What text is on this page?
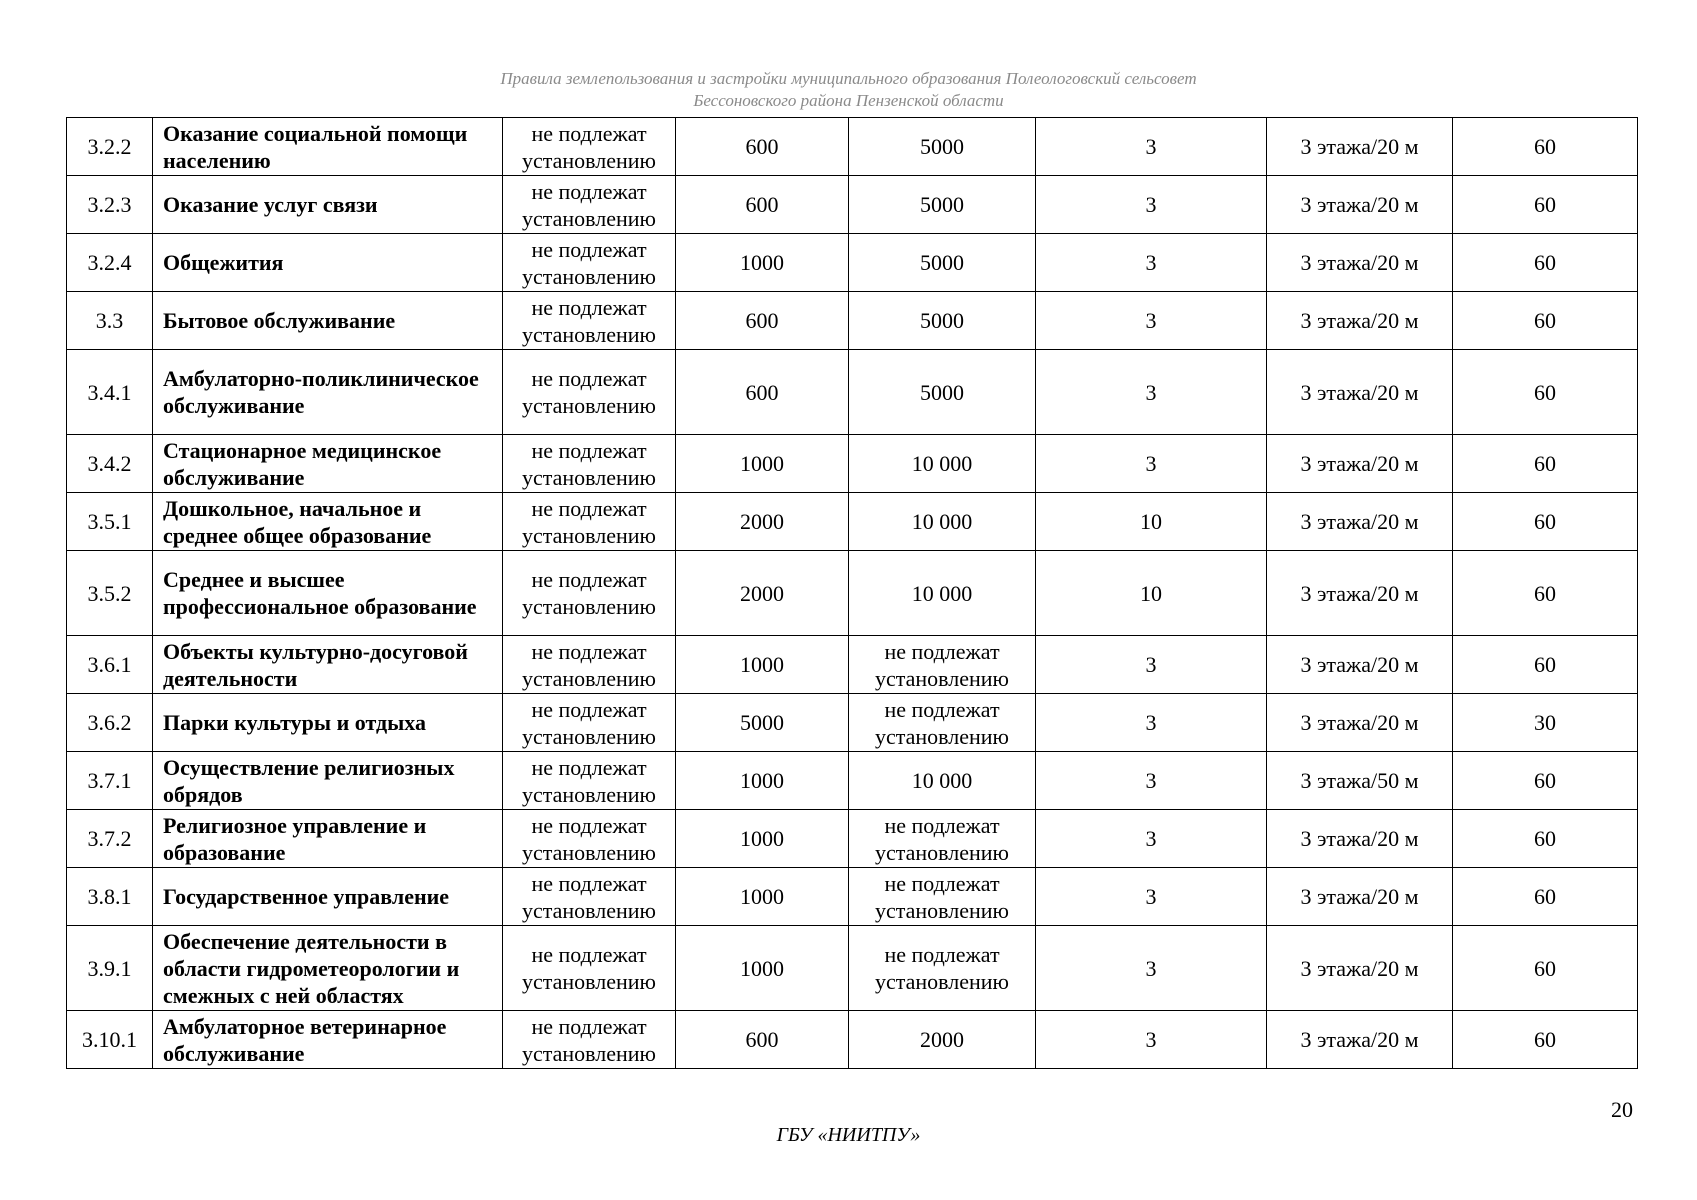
Правила землепользования и застройки муниципального образования Полеологовский сельсовет
Бессоновского района Пензенской области
3.2.2	Оказание социальной помощи населению	не подлежат установлению	600	5000	3	3 этажа/20 м	60
3.2.3	Оказание услуг связи	не подлежат установлению	600	5000	3	3 этажа/20 м	60
3.2.4	Общежития	не подлежат установлению	1000	5000	3	3 этажа/20 м	60
3.3	Бытовое обслуживание	не подлежат установлению	600	5000	3	3 этажа/20 м	60
3.4.1	Амбулаторно-поликлиническое обслуживание	не подлежат установлению	600	5000	3	3 этажа/20 м	60
3.4.2	Стационарное медицинское обслуживание	не подлежат установлению	1000	10 000	3	3 этажа/20 м	60
3.5.1	Дошкольное, начальное и среднее общее образование	не подлежат установлению	2000	10 000	10	3 этажа/20 м	60
3.5.2	Среднее и высшее профессиональное образование	не подлежат установлению	2000	10 000	10	3 этажа/20 м	60
3.6.1	Объекты культурно-досуговой деятельности	не подлежат установлению	1000	не подлежат установлению	3	3 этажа/20 м	60
3.6.2	Парки культуры и отдыха	не подлежат установлению	5000	не подлежат установлению	3	3 этажа/20 м	30
3.7.1	Осуществление религиозных обрядов	не подлежат установлению	1000	10 000	3	3 этажа/50 м	60
3.7.2	Религиозное управление и образование	не подлежат установлению	1000	не подлежат установлению	3	3 этажа/20 м	60
3.8.1	Государственное управление	не подлежат установлению	1000	не подлежат установлению	3	3 этажа/20 м	60
3.9.1	Обеспечение деятельности в области гидрометеорологии и смежных с ней областях	не подлежат установлению	1000	не подлежат установлению	3	3 этажа/20 м	60
3.10.1	Амбулаторное ветеринарное обслуживание	не подлежат установлению	600	2000	3	3 этажа/20 м	60
20
ГБУ «НИИТПУ»
